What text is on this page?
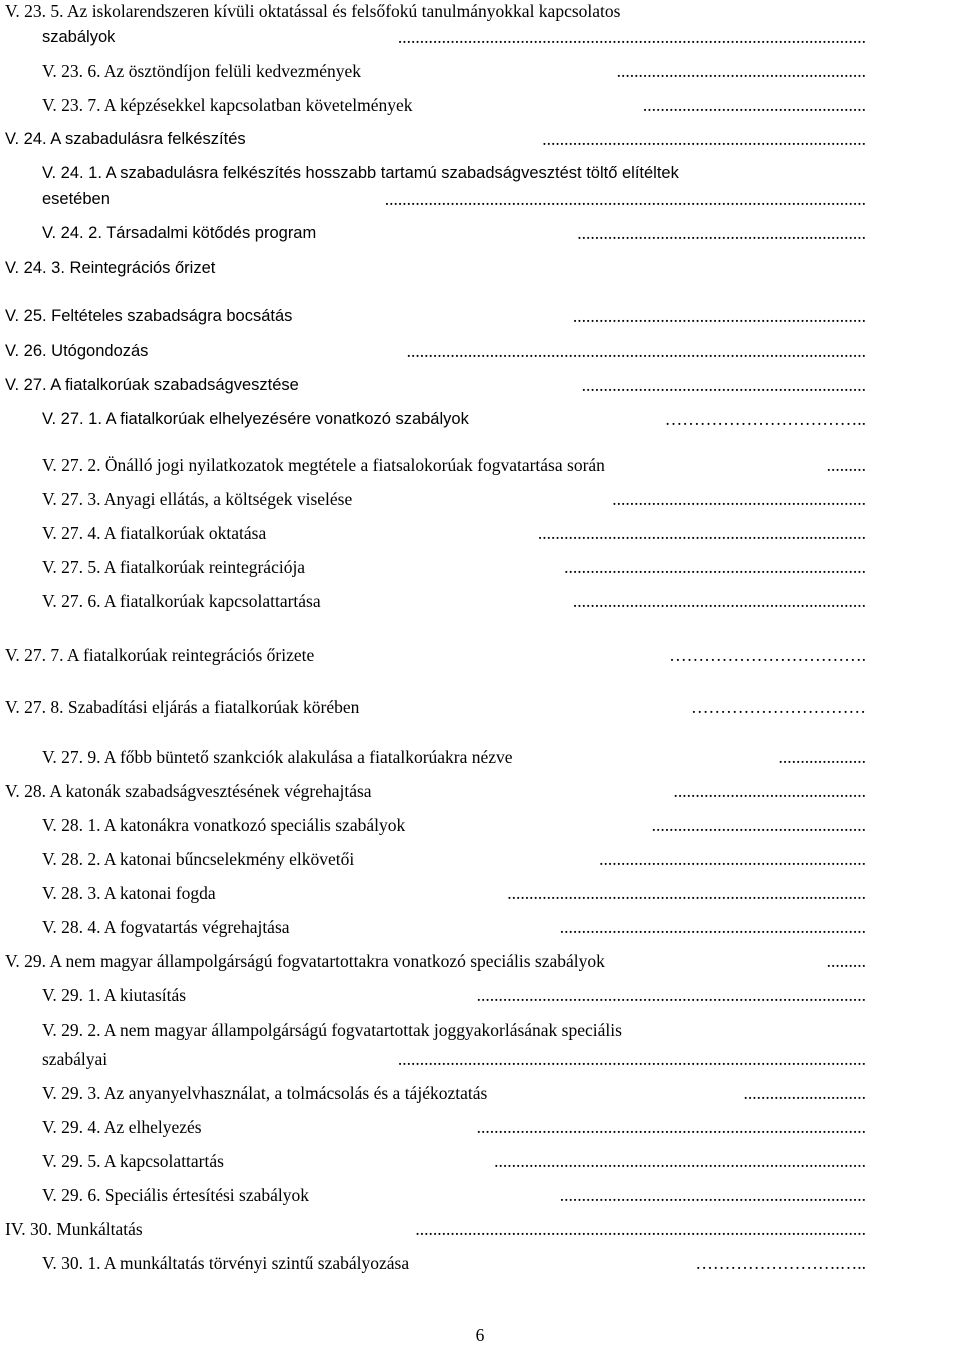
V. 23. 5. Az iskolarendszeren kívüli oktatással és felsőfokú tanulmányokkal kapcsolatos
szabályok	...........................................................................................................
V. 23. 6. Az ösztöndíjon felüli kedvezmények	.........................................................
V. 23. 7. A képzésekkel kapcsolatban követelmények	...................................................
V. 24. A szabadulásra felkészítés	..........................................................................
V. 24. 1. A szabadulásra felkészítés hosszabb tartamú szabadságvesztést töltő elítéltek
esetében	..............................................................................................................
V. 24. 2. Társadalmi kötődés program	..................................................................
V. 24. 3. Reintegrációs őrizet
V. 25. Feltételes szabadságra bocsátás	...................................................................
V. 26. Utógondozás	.........................................................................................................
V. 27. A fiatalkorúak szabadságvesztése	.................................................................
V. 27. 1. A fiatalkorúak elhelyezésére vonatkozó szabályok	……………………………..
V. 27. 2. Önálló jogi nyilatkozatok megtétele a fiatsalokorúak fogvatartása során	.........
V. 27. 3. Anyagi ellátás, a költségek viselése	..........................................................
V. 27. 4. A fiatalkorúak oktatása	...........................................................................
V. 27. 5. A fiatalkorúak reintegrációja	.....................................................................
V. 27. 6. A fiatalkorúak kapcsolattartása	...................................................................
V. 27. 7. A fiatalkorúak reintegrációs őrizete	…………………………….
V. 27. 8. Szabadítási eljárás a fiatalkorúak körében	…………………………
V. 27. 9. A főbb büntető szankciók alakulása a fiatalkorúakra nézve	....................
V. 28. A katonák szabadságvesztésének végrehajtása	............................................
V. 28. 1. A katonákra vonatkozó speciális szabályok	.................................................
V. 28. 2. A katonai bűncselekmény elkövetői	.............................................................
V. 28. 3. A katonai fogda	..................................................................................
V. 28. 4. A fogvatartás végrehajtása	......................................................................
V. 29. A nem magyar állampolgárságú fogvatartottakra vonatkozó speciális szabályok	.........
V. 29. 1. A kiutasítás	.........................................................................................
V. 29. 2. A nem magyar állampolgárságú fogvatartottak joggyakorlásának speciális
szabályai	...........................................................................................................
V. 29. 3. Az anyanyelvhasználat, a tolmácsolás és a tájékoztatás	............................
V. 29. 4. Az elhelyezés	.........................................................................................
V. 29. 5. A kapcsolattartás	.....................................................................................
V. 29. 6. Speciális értesítési szabályok	......................................................................
IV. 30. Munkáltatás	.......................................................................................................
V. 30. 1. A munkáltatás törvényi szintű szabályozása	…………………….…..
6
